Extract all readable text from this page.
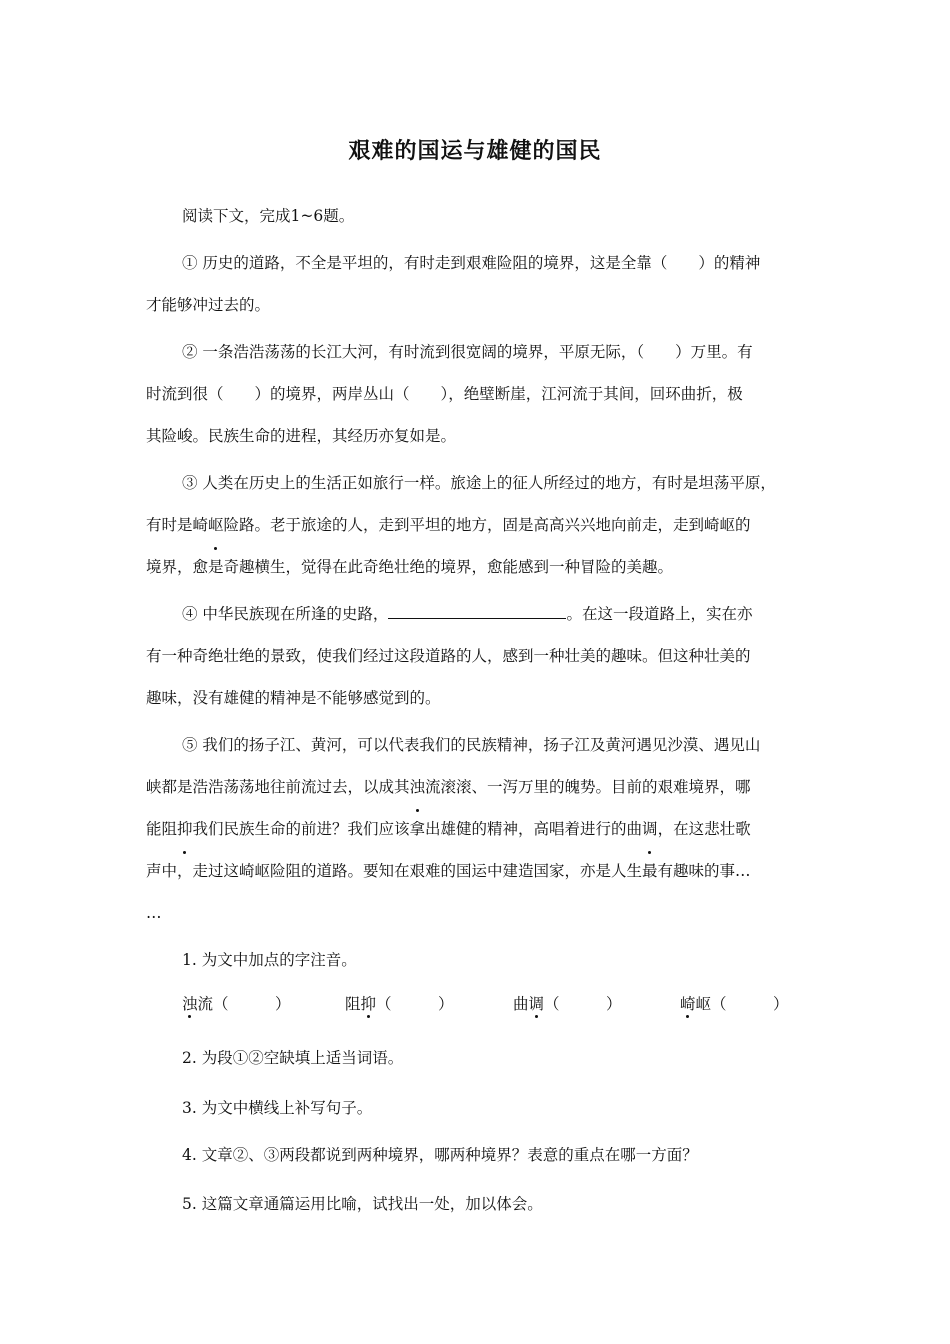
艰难的国运与雄健的国民
阅读下文，完成1~6题。
① 历史的道路，不全是平坦的，有时走到艰难险阻的境界，这是全靠（　　）的精神
才能够冲过去的。
② 一条浩浩荡荡的长江大河，有时流到很宽阔的境界，平原无际，（　　）万里。有
时流到很（　　）的境界，两岸丛山（　　），绝壁断崖，江河流于其间，回环曲折，极
其险峻。民族生命的进程，其经历亦复如是。
③ 人类在历史上的生活正如旅行一样。旅途上的征人所经过的地方，有时是坦荡平原，
有时是崎岖险路。老于旅途的人，走到平坦的地方，固是高高兴兴地向前走，走到崎岖的
境界，愈是奇趣横生，觉得在此奇绝壮绝的境界，愈能感到一种冒险的美趣。
④ 中华民族现在所逢的史路，	。在这一段道路上，实在亦
有一种奇绝壮绝的景致，使我们经过这段道路的人，感到一种壮美的趣味。但这种壮美的
趣味，没有雄健的精神是不能够感觉到的。
⑤ 我们的扬子江、黄河，可以代表我们的民族精神，扬子江及黄河遇见沙漠、遇见山
峡都是浩浩荡荡地往前流过去，以成其浊流滚滚、一泻万里的魄势。目前的艰难境界，哪
能阻抑我们民族生命的前进？我们应该拿出雄健的精神，高唱着进行的曲调，在这悲壮歌
声中，走过这崎岖险阻的道路。要知在艰难的国运中建造国家，亦是人生最有趣味的事…
…
1. 为文中加点的字注音。
浊流（　　　）	阻抑（　　　）	曲调（　　　）	崎岖（　　　）
2. 为段①②空缺填上适当词语。
3. 为文中横线上补写句子。
4. 文章②、③两段都说到两种境界，哪两种境界？表意的重点在哪一方面？
5. 这篇文章通篇运用比喻，试找出一处，加以体会。
